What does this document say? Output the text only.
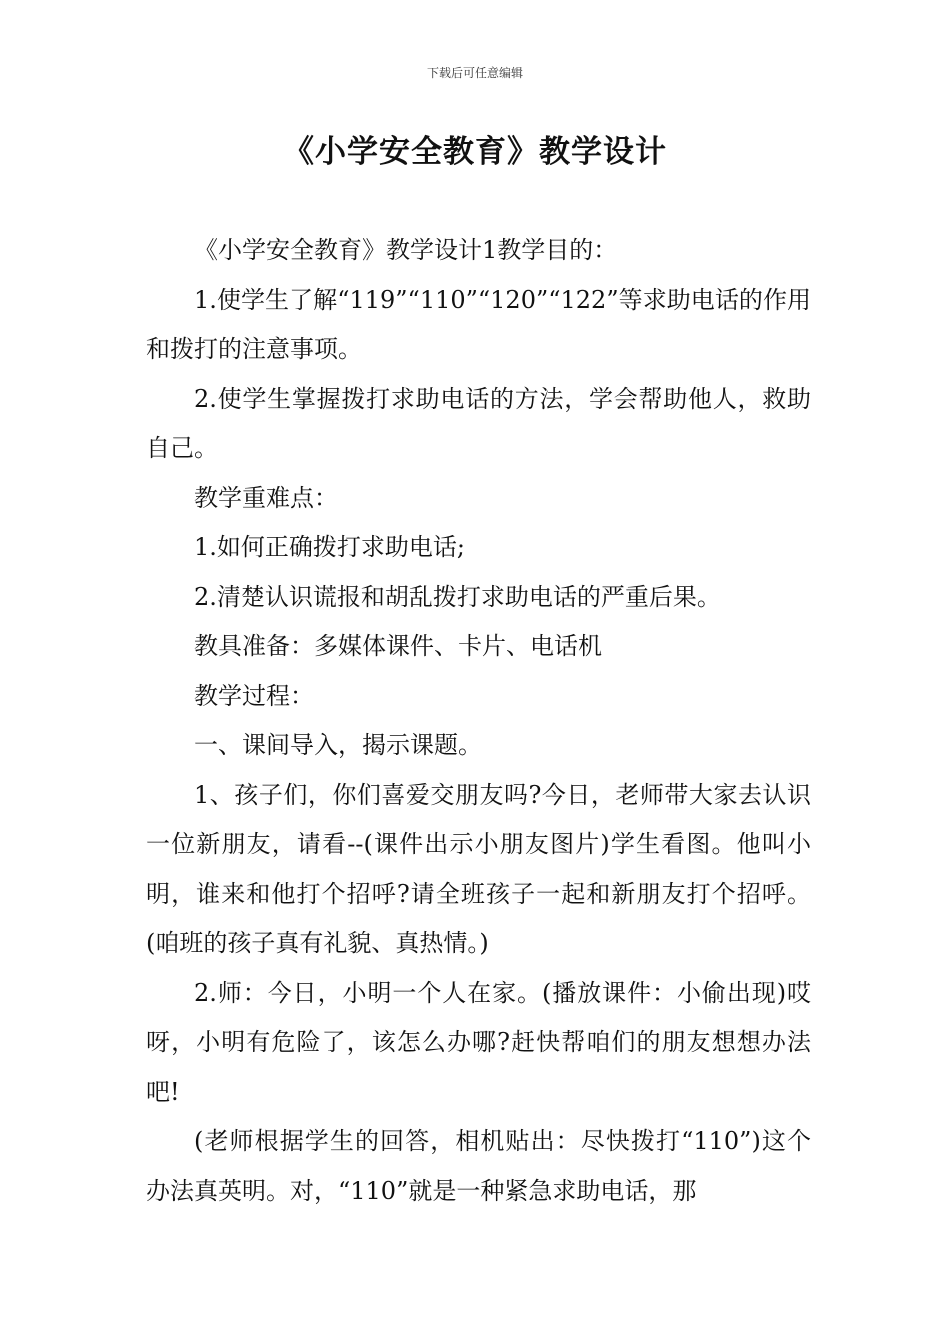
下载后可任意编辑
《小学安全教育》教学设计

《小学安全教育》教学设计1教学目的：

1.使学生了解“119”“110”“120”“122”等求助电话的作用和拨打的注意事项。

2.使学生掌握拨打求助电话的方法，学会帮助他人，救助自己。

教学重难点：

1.如何正确拨打求助电话;

2.清楚认识谎报和胡乱拨打求助电话的严重后果。

教具准备：多媒体课件、卡片、电话机

教学过程：

一、课间导入，揭示课题。

1、孩子们，你们喜爱交朋友吗?今日，老师带大家去认识一位新朋友，请看--(课件出示小朋友图片)学生看图。他叫小明，谁来和他打个招呼?请全班孩子一起和新朋友打个招呼。(咱班的孩子真有礼貌、真热情。)

2.师：今日，小明一个人在家。(播放课件：小偷出现)哎呀，小明有危险了，该怎么办哪?赶快帮咱们的朋友想想办法吧!

(老师根据学生的回答，相机贴出：尽快拨打“110”)这个办法真英明。对，“110”就是一种紧急求助电话，那
